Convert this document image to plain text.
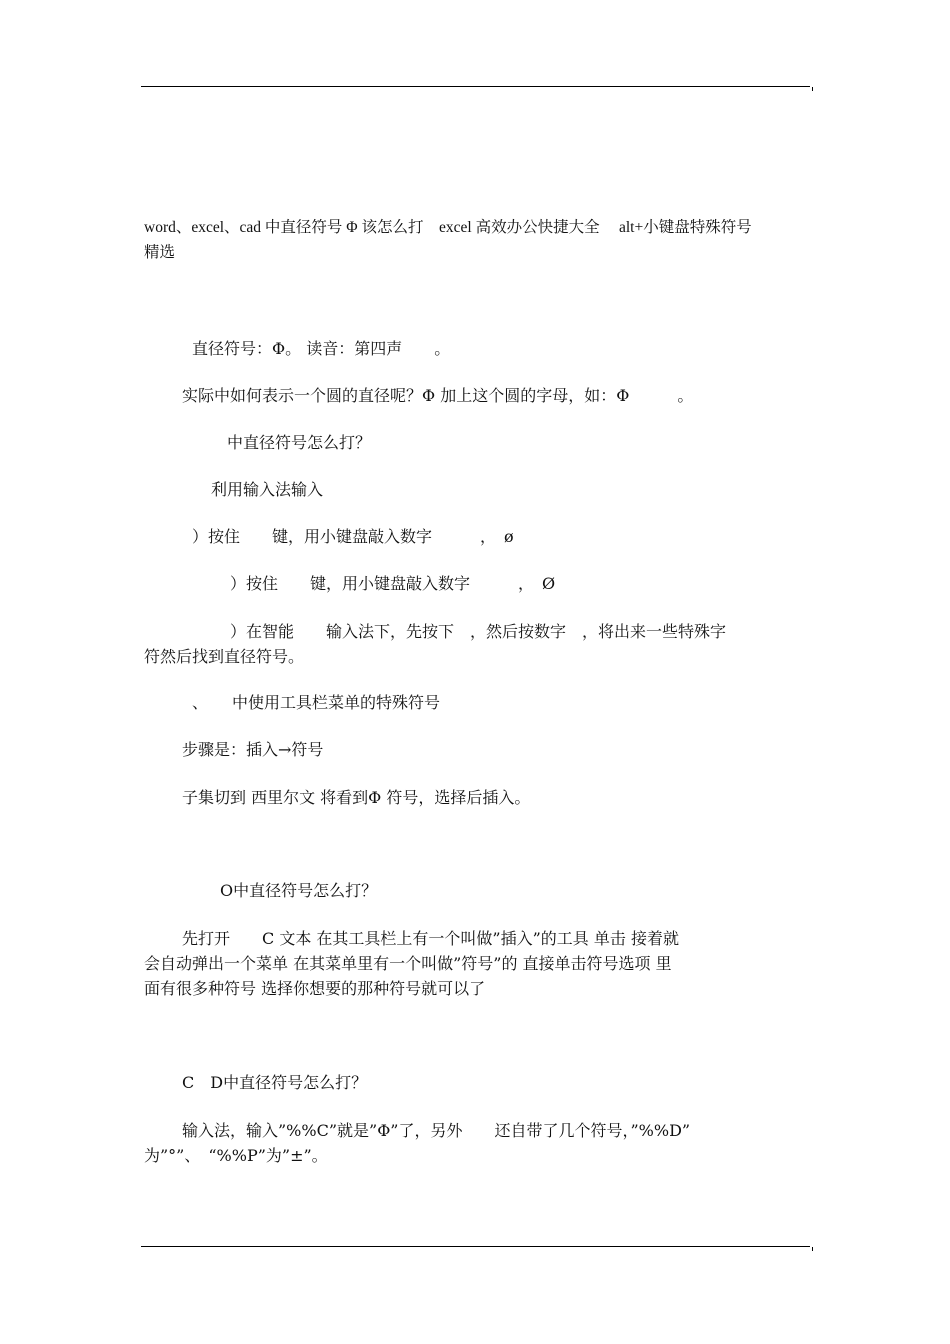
word、excel、cad 中直径符号 Φ 该怎么打　excel 高效办公快捷大全　 alt+小键盘特殊符号
精选
直径符号：Φ。 读音：第四声　　。
实际中如何表示一个圆的直径呢？Φ 加上这个圆的字母，如：Φ　　　。
中直径符号怎么打？
利用输入法输入
）按住　　键，用小键盘敲入数字　　　，　ø
）按住　　键，用小键盘敲入数字　　　，　Ø
）在智能　　输入法下，先按下　，然后按数字　，将出来一些特殊字
符然后找到直径符号。
、　　中使用工具栏菜单的特殊符号
步骤是：插入→符号
子集切到 西里尔文 将看到Φ 符号，选择后插入。
O中直径符号怎么打？
先打开　　C 文本 在其工具栏上有一个叫做”插入”的工具 单击 接着就
会自动弹出一个菜单 在其菜单里有一个叫做”符号”的 直接单击符号选项 里
面有很多种符号 选择你想要的那种符号就可以了
C　D中直径符号怎么打？
输入法，输入”%%C”就是”Φ”了，另外　　还自带了几个符号，”%%D”
为”°”、　“%%P”为”±”。
